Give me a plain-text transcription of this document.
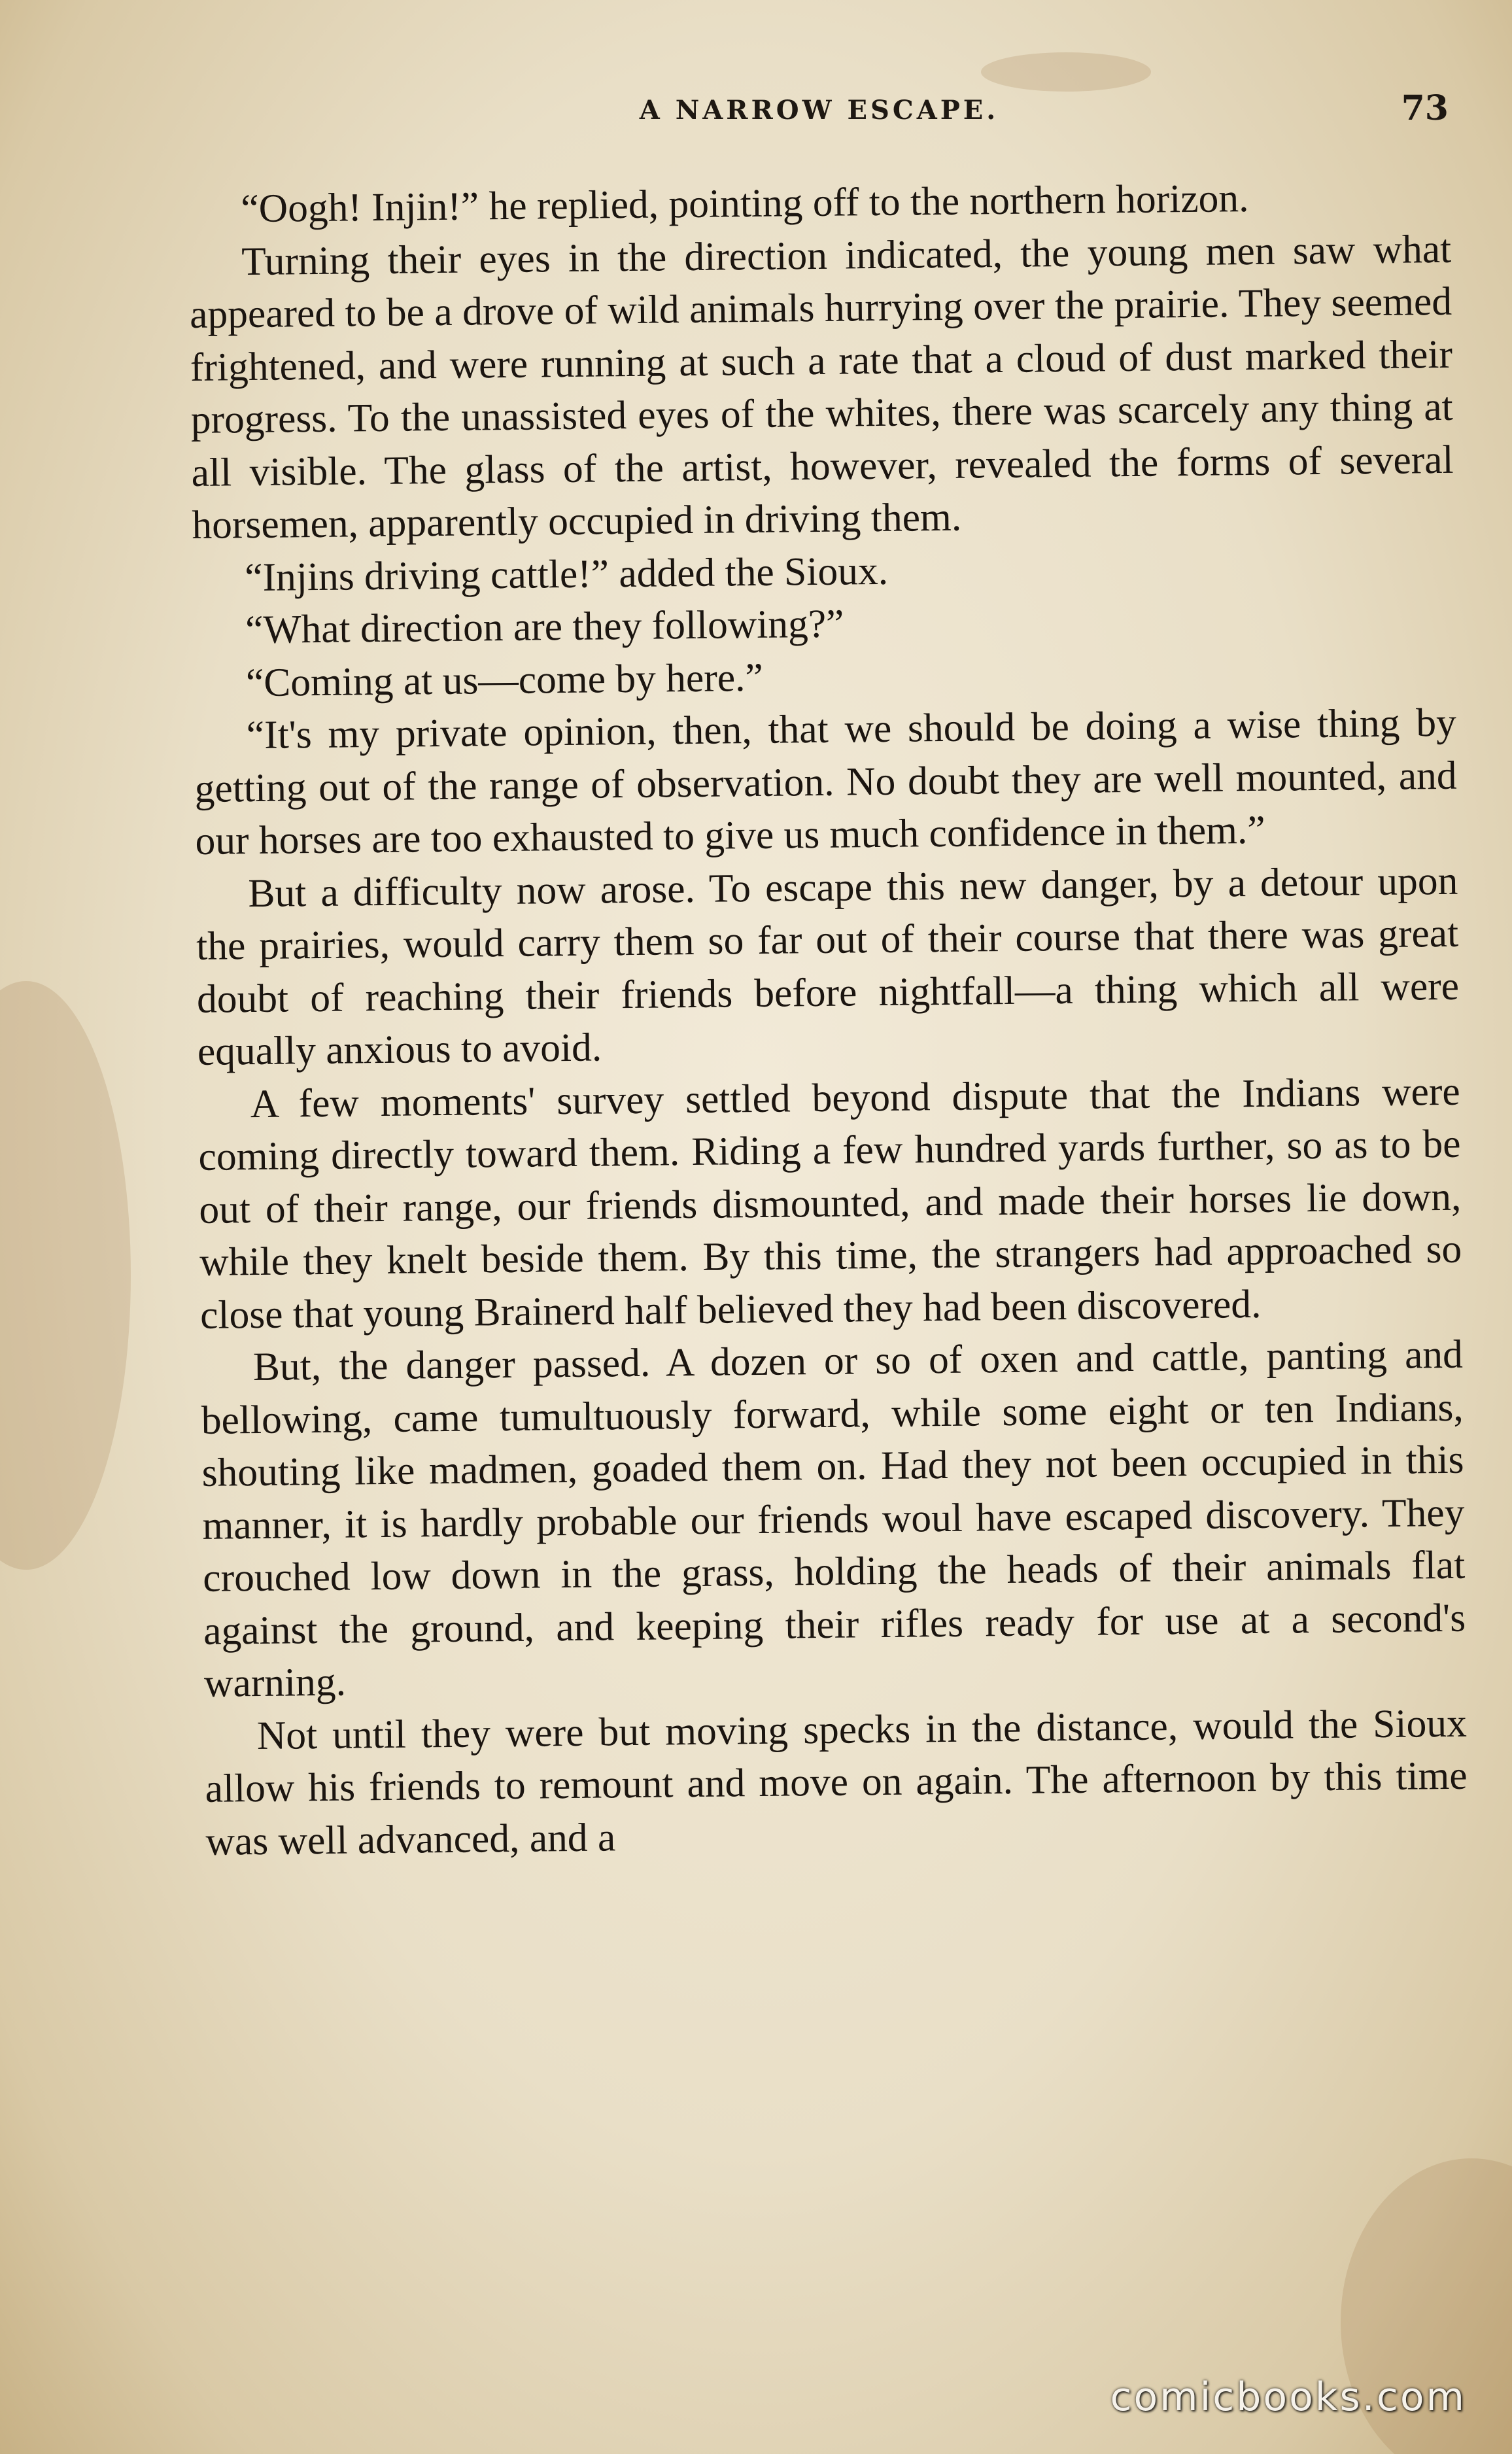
A NARROW ESCAPE.	73

“Oogh! Injin!” he replied, pointing off to the northern horizon.

Turning their eyes in the direction indicated, the young men saw what appeared to be a drove of wild animals hurrying over the prairie. They seemed frightened, and were running at such a rate that a cloud of dust marked their progress. To the unassisted eyes of the whites, there was scarcely any thing at all visible. The glass of the artist, however, revealed the forms of several horsemen, apparently occupied in driving them.

“Injins driving cattle!” added the Sioux.

“What direction are they following?”

“Coming at us—come by here.”

“It's my private opinion, then, that we should be doing a wise thing by getting out of the range of observation. No doubt they are well mounted, and our horses are too exhausted to give us much confidence in them.”

But a difficulty now arose. To escape this new danger, by a detour upon the prairies, would carry them so far out of their course that there was great doubt of reaching their friends before nightfall—a thing which all were equally anxious to avoid.

A few moments' survey settled beyond dispute that the Indians were coming directly toward them. Riding a few hundred yards further, so as to be out of their range, our friends dismounted, and made their horses lie down, while they knelt beside them. By this time, the strangers had approached so close that young Brainerd half believed they had been discovered.

But, the danger passed. A dozen or so of oxen and cattle, panting and bellowing, came tumultuously forward, while some eight or ten Indians, shouting like madmen, goaded them on. Had they not been occupied in this manner, it is hardly probable our friends woul have escaped discovery. They crouched low down in the grass, holding the heads of their animals flat against the ground, and keeping their rifles ready for use at a second's warning.

Not until they were but moving specks in the distance, would the Sioux allow his friends to remount and move on again. The afternoon by this time was well advanced, and a

comicbooks.com
